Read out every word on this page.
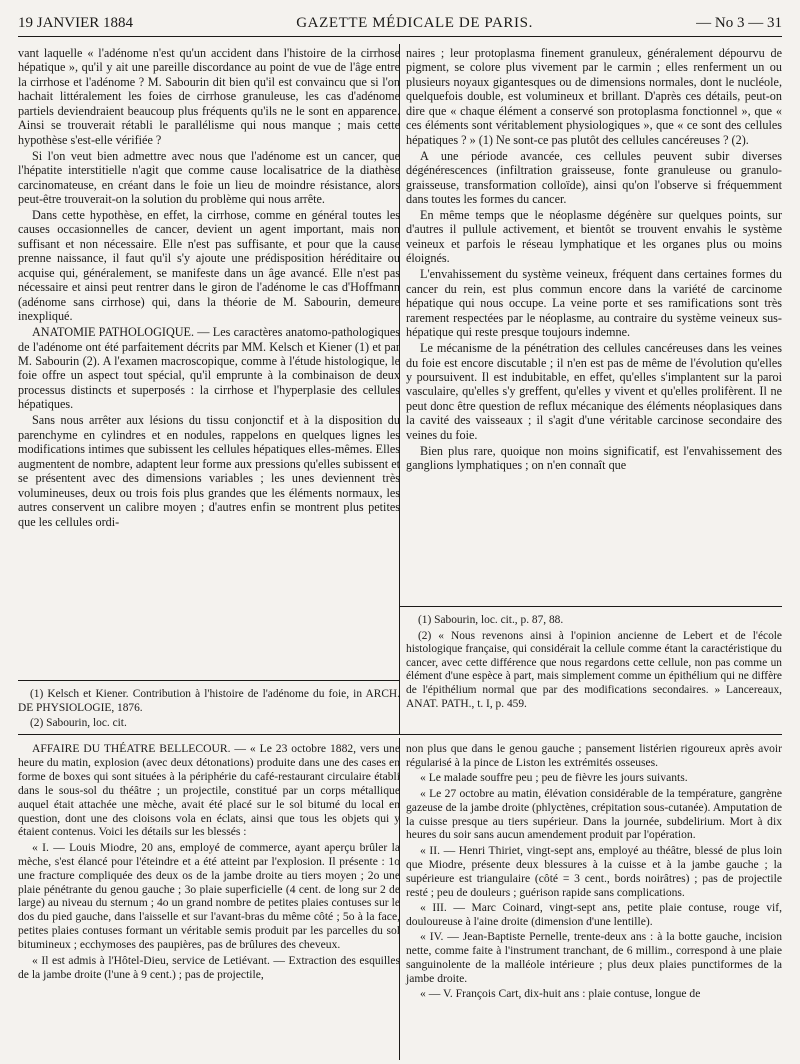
19 JANVIER 1884	GAZETTE MÉDICALE DE PARIS.	— No 3 — 31

vant laquelle « l'adénome n'est qu'un accident dans l'histoire de la cirrhose hépatique », qu'il y ait une pareille discordance au point de vue de l'âge entre la cirrhose et l'adénome ? M. Sabourin dit bien qu'il est convaincu que si l'on hachait littéralement les foies de cirrhose granuleuse, les cas d'adénome partiels deviendraient beaucoup plus fréquents qu'ils ne le sont en apparence. Ainsi se trouverait rétabli le parallélisme qui nous manque ; mais cette hypothèse s'est-elle vérifiée ?

Si l'on veut bien admettre avec nous que l'adénome est un cancer, que l'hépatite interstitielle n'agit que comme cause localisatrice de la diathèse carcinomateuse, en créant dans le foie un lieu de moindre résistance, alors peut-être trouverait-on la solution du problème qui nous arrête.

Dans cette hypothèse, en effet, la cirrhose, comme en général toutes les causes occasionnelles de cancer, devient un agent important, mais non suffisant et non nécessaire. Elle n'est pas suffisante, et pour que la cause prenne naissance, il faut qu'il s'y ajoute une prédisposition héréditaire ou acquise qui, généralement, se manifeste dans un âge avancé. Elle n'est pas nécessaire et ainsi peut rentrer dans le giron de l'adénome le cas d'Hoffmann (adénome sans cirrhose) qui, dans la théorie de M. Sabourin, demeure inexpliqué.

ANATOMIE PATHOLOGIQUE. — Les caractères anatomo-pathologiques de l'adénome ont été parfaitement décrits par MM. Kelsch et Kiener (1) et par M. Sabourin (2). A l'examen macroscopique, comme à l'étude histologique, le foie offre un aspect tout spécial, qu'il emprunte à la combinaison de deux processus distincts et superposés : la cirrhose et l'hyperplasie des cellules hépatiques.

Sans nous arrêter aux lésions du tissu conjonctif et à la disposition du parenchyme en cylindres et en nodules, rappelons en quelques lignes les modifications intimes que subissent les cellules hépatiques elles-mêmes. Elles augmentent de nombre, adaptent leur forme aux pressions qu'elles subissent et se présentent avec des dimensions variables ; les unes deviennent très volumineuses, deux ou trois fois plus grandes que les éléments normaux, les autres conservent un calibre moyen ; d'autres enfin se montrent plus petites que les cellules ordi-

naires ; leur protoplasma finement granuleux, généralement dépourvu de pigment, se colore plus vivement par le carmin ; elles renferment un ou plusieurs noyaux gigantesques ou de dimensions normales, dont le nucléole, quelquefois double, est volumineux et brillant. D'après ces détails, peut-on dire que « chaque élément a conservé son protoplasma fonctionnel », que « ces éléments sont véritablement physiologiques », que « ce sont des cellules hépatiques ? » (1) Ne sont-ce pas plutôt des cellules cancéreuses ? (2).

A une période avancée, ces cellules peuvent subir diverses dégénérescences (infiltration graisseuse, fonte granuleuse ou granulo-graisseuse, transformation colloïde), ainsi qu'on l'observe si fréquemment dans toutes les formes du cancer.

En même temps que le néoplasme dégénère sur quelques points, sur d'autres il pullule activement, et bientôt se trouvent envahis le système veineux et parfois le réseau lymphatique et les organes plus ou moins éloignés.

L'envahissement du système veineux, fréquent dans certaines formes du cancer du rein, est plus commun encore dans la variété de carcinome hépatique qui nous occupe. La veine porte et ses ramifications sont très rarement respectées par le néoplasme, au contraire du système veineux sus-hépatique qui reste presque toujours indemne.

Le mécanisme de la pénétration des cellules cancéreuses dans les veines du foie est encore discutable ; il n'en est pas de même de l'évolution qu'elles y poursuivent. Il est indubitable, en effet, qu'elles s'implantent sur la paroi vasculaire, qu'elles s'y greffent, qu'elles y vivent et qu'elles prolifèrent. Il ne peut donc être question de reflux mécanique des éléments néoplasiques dans la cavité des vaisseaux ; il s'agit d'une véritable carcinose secondaire des veines du foie.

Bien plus rare, quoique non moins significatif, est l'envahissement des ganglions lymphatiques ; on n'en connaît que

(1) Kelsch et Kiener. Contribution à l'histoire de l'adénome du foie, in ARCH. DE PHYSIOLOGIE, 1876.

(2) Sabourin, loc. cit.

(1) Sabourin, loc. cit., p. 87, 88.

(2) « Nous revenons ainsi à l'opinion ancienne de Lebert et de l'école histologique française, qui considérait la cellule comme étant la caractéristique du cancer, avec cette différence que nous regardons cette cellule, non pas comme un élément d'une espèce à part, mais simplement comme un épithélium qui ne diffère de l'épithélium normal que par des modifications secondaires. » Lancereaux, ANAT. PATH., t. I, p. 459.

AFFAIRE DU THÉATRE BELLECOUR. — « Le 23 octobre 1882, vers une heure du matin, explosion (avec deux détonations) produite dans une des cases en forme de boxes qui sont situées à la périphérie du café-restaurant circulaire établi dans le sous-sol du théâtre ; un projectile, constitué par un corps métallique auquel était attachée une mèche, avait été placé sur le sol bitumé du local en question, dont une des cloisons vola en éclats, ainsi que tous les objets qui y étaient contenus. Voici les détails sur les blessés :

« I. — Louis Miodre, 20 ans, employé de commerce, ayant aperçu brûler la mèche, s'est élancé pour l'éteindre et a été atteint par l'explosion. Il présente : 1o une fracture compliquée des deux os de la jambe droite au tiers moyen ; 2o une plaie pénétrante du genou gauche ; 3o plaie superficielle (4 cent. de long sur 2 de large) au niveau du sternum ; 4o un grand nombre de petites plaies contuses sur le dos du pied gauche, dans l'aisselle et sur l'avant-bras du même côté ; 5o à la face, petites plaies contuses formant un véritable semis produit par les parcelles du sol bitumineux ; ecchymoses des paupières, pas de brûlures des cheveux.

« Il est admis à l'Hôtel-Dieu, service de Letiévant. — Extraction des esquilles de la jambe droite (l'une à 9 cent.) ; pas de projectile,

non plus que dans le genou gauche ; pansement listérien rigoureux après avoir régularisé à la pince de Liston les extrémités osseuses.

« Le malade souffre peu ; peu de fièvre les jours suivants.

« Le 27 octobre au matin, élévation considérable de la température, gangrène gazeuse de la jambe droite (phlyctènes, crépitation sous-cutanée). Amputation de la cuisse presque au tiers supérieur. Dans la journée, subdelirium. Mort à dix heures du soir sans aucun amendement produit par l'opération.

« II. — Henri Thiriet, vingt-sept ans, employé au théâtre, blessé de plus loin que Miodre, présente deux blessures à la cuisse et à la jambe gauche ; la supérieure est triangulaire (côté = 3 cent., bords noirâtres) ; pas de projectile resté ; peu de douleurs ; guérison rapide sans complications.

« III. — Marc Coinard, vingt-sept ans, petite plaie contuse, rouge vif, douloureuse à l'aine droite (dimension d'une lentille).

« IV. — Jean-Baptiste Pernelle, trente-deux ans : à la botte gauche, incision nette, comme faite à l'instrument tranchant, de 6 millim., correspond à une plaie sanguinolente de la malléole intérieure ; plus deux plaies punctiformes de la jambe droite.

« — V. François Cart, dix-huit ans : plaie contuse, longue de
